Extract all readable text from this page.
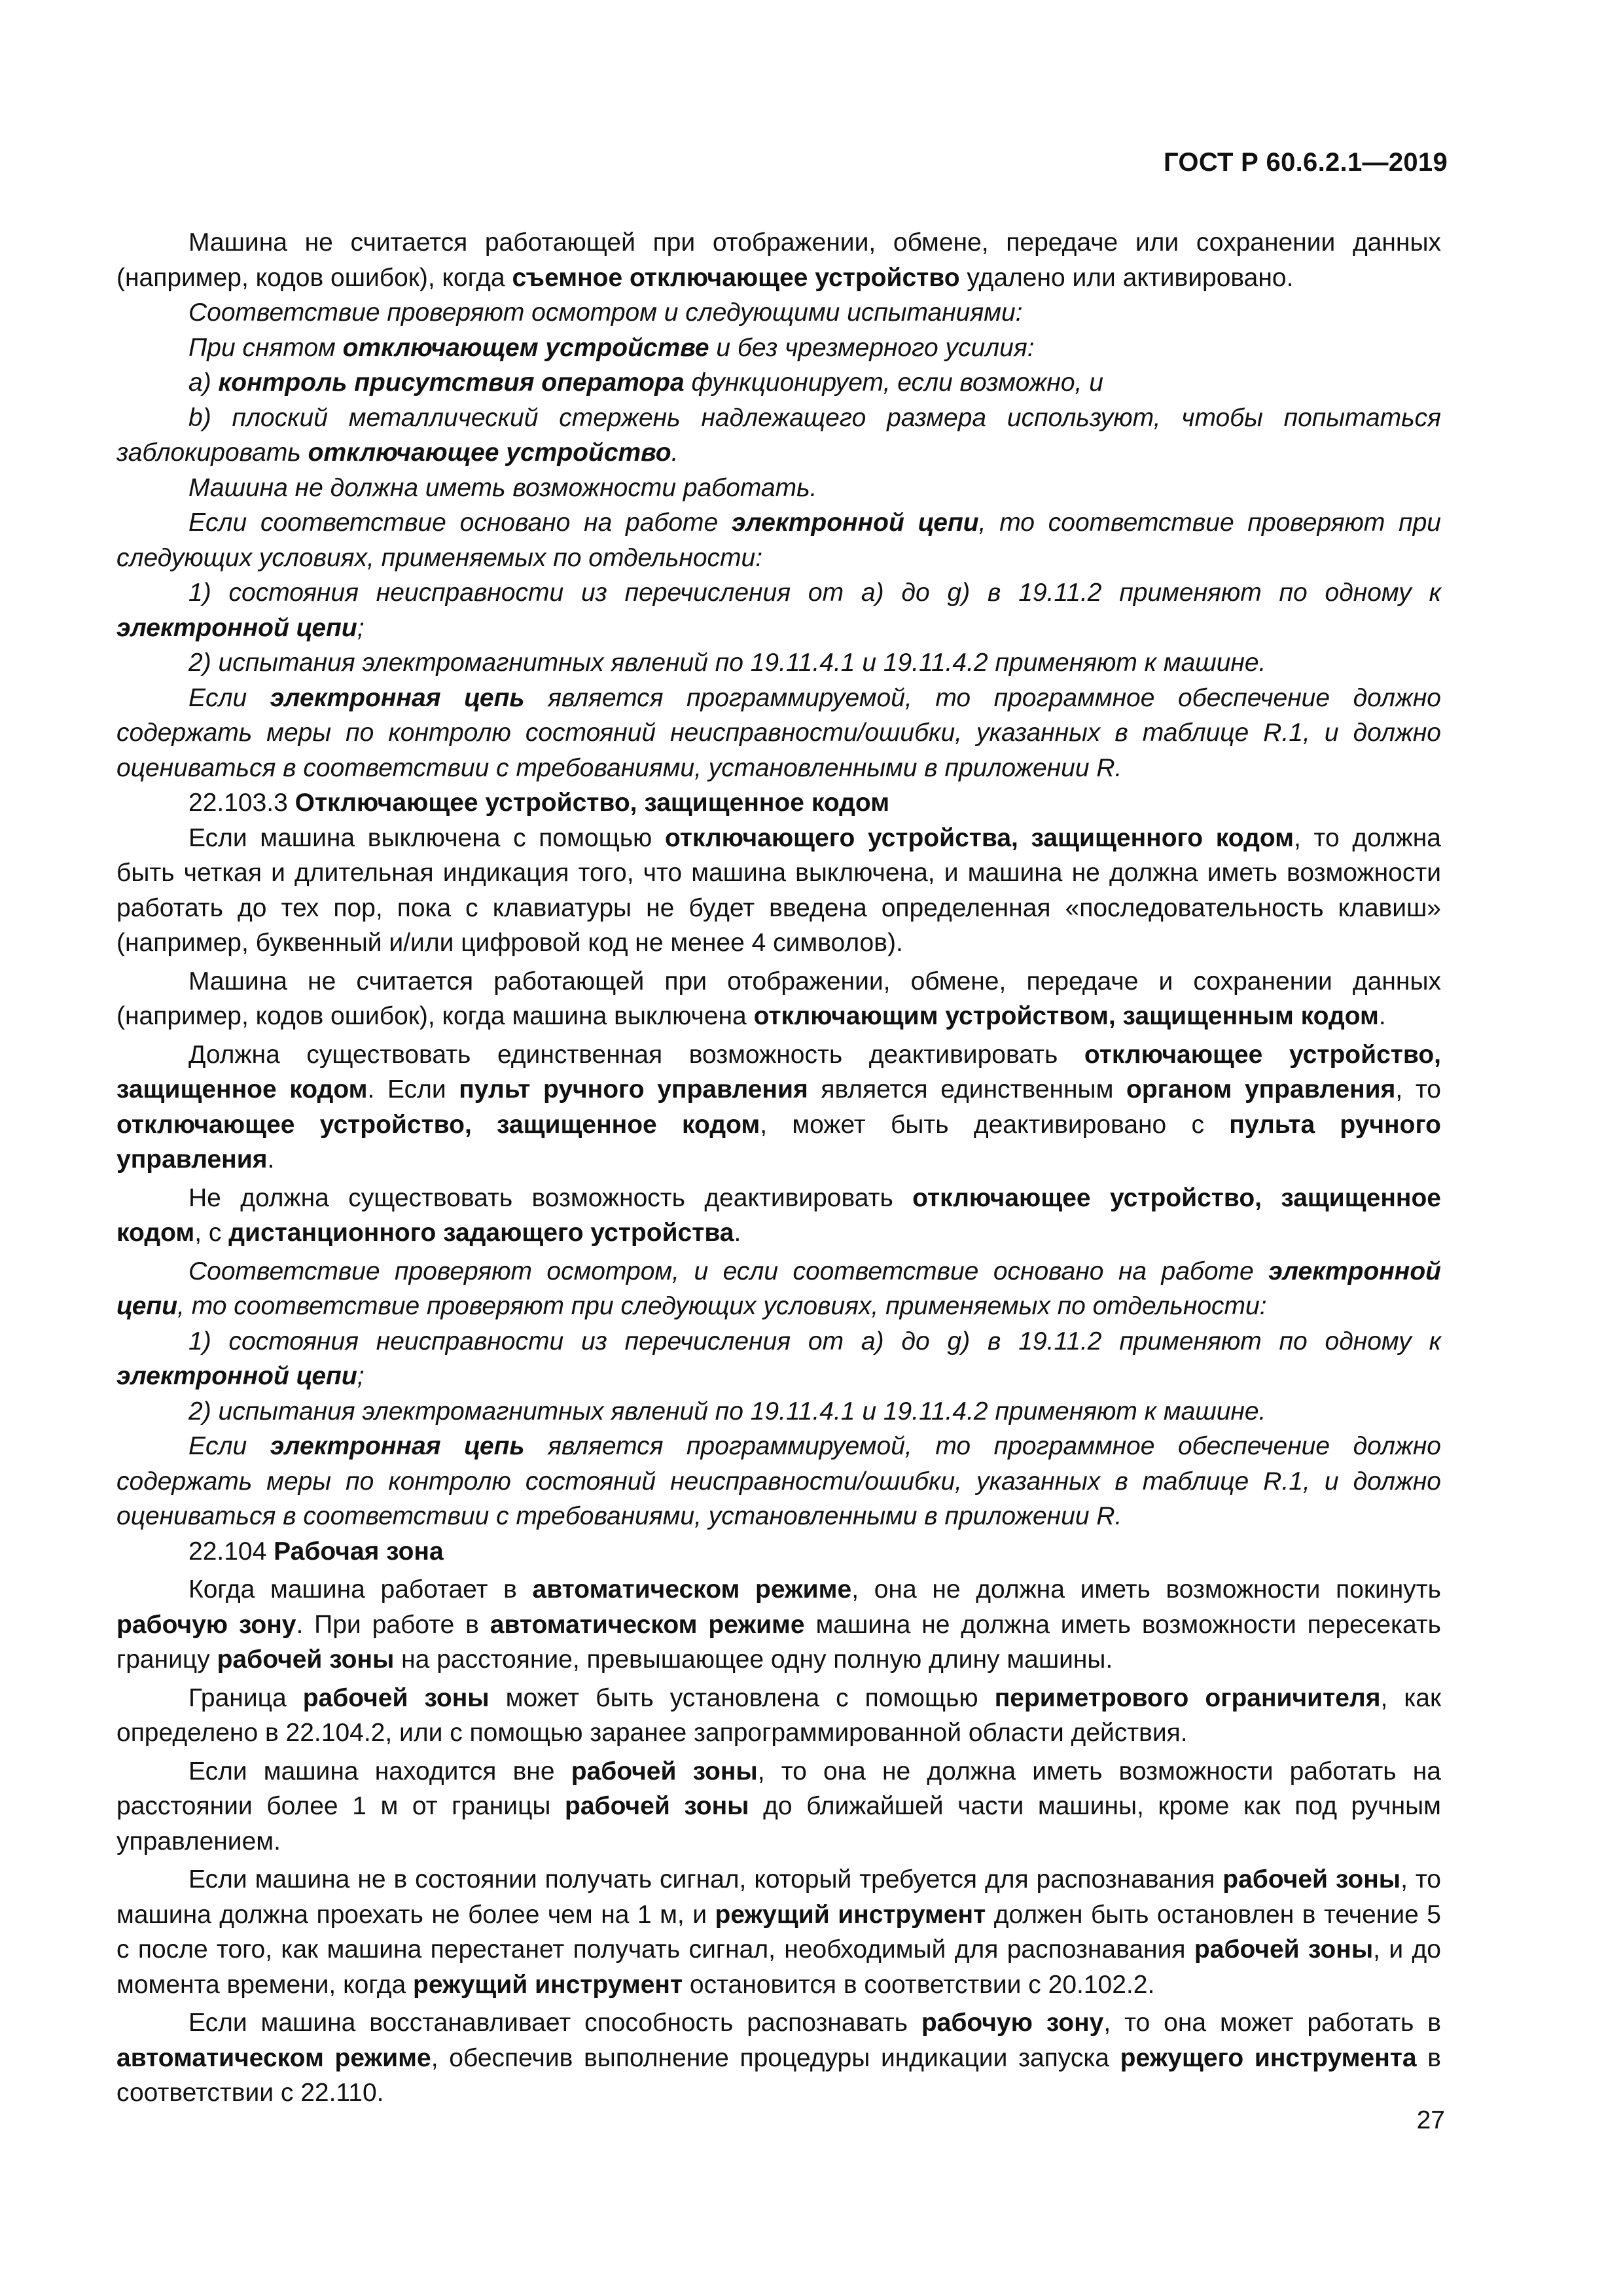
ГОСТ Р 60.6.2.1—2019

Машина не считается работающей при отображении, обмене, передаче или сохранении данных (например, кодов ошибок), когда съемное отключающее устройство удалено или активировано.

Соответствие проверяют осмотром и следующими испытаниями:

При снятом отключающем устройстве и без чрезмерного усилия:

a) контроль присутствия оператора функционирует, если возможно, и

b) плоский металлический стержень надлежащего размера используют, чтобы попытаться заблокировать отключающее устройство.

Машина не должна иметь возможности работать.

Если соответствие основано на работе электронной цепи, то соответствие проверяют при следующих условиях, применяемых по отдельности:

1) состояния неисправности из перечисления от a) до g) в 19.11.2 применяют по одному к электронной цепи;

2) испытания электромагнитных явлений по 19.11.4.1 и 19.11.4.2 применяют к машине.

Если электронная цепь является программируемой, то программное обеспечение должно содержать меры по контролю состояний неисправности/ошибки, указанных в таблице R.1, и должно оцениваться в соответствии с требованиями, установленными в приложении R.

22.103.3 Отключающее устройство, защищенное кодом

Если машина выключена с помощью отключающего устройства, защищенного кодом, то должна быть четкая и длительная индикация того, что машина выключена, и машина не должна иметь возможности работать до тех пор, пока с клавиатуры не будет введена определенная «последовательность клавиш» (например, буквенный и/или цифровой код не менее 4 символов).

Машина не считается работающей при отображении, обмене, передаче и сохранении данных (например, кодов ошибок), когда машина выключена отключающим устройством, защищенным кодом.

Должна существовать единственная возможность деактивировать отключающее устройство, защищенное кодом. Если пульт ручного управления является единственным органом управления, то отключающее устройство, защищенное кодом, может быть деактивировано с пульта ручного управления.

Не должна существовать возможность деактивировать отключающее устройство, защищенное кодом, с дистанционного задающего устройства.

Соответствие проверяют осмотром, и если соответствие основано на работе электронной цепи, то соответствие проверяют при следующих условиях, применяемых по отдельности:

1) состояния неисправности из перечисления от a) до g) в 19.11.2 применяют по одному к электронной цепи;

2) испытания электромагнитных явлений по 19.11.4.1 и 19.11.4.2 применяют к машине.

Если электронная цепь является программируемой, то программное обеспечение должно содержать меры по контролю состояний неисправности/ошибки, указанных в таблице R.1, и должно оцениваться в соответствии с требованиями, установленными в приложении R.

22.104 Рабочая зона

Когда машина работает в автоматическом режиме, она не должна иметь возможности покинуть рабочую зону. При работе в автоматическом режиме машина не должна иметь возможности пересекать границу рабочей зоны на расстояние, превышающее одну полную длину машины.

Граница рабочей зоны может быть установлена с помощью периметрового ограничителя, как определено в 22.104.2, или с помощью заранее запрограммированной области действия.

Если машина находится вне рабочей зоны, то она не должна иметь возможности работать на расстоянии более 1 м от границы рабочей зоны до ближайшей части машины, кроме как под ручным управлением.

Если машина не в состоянии получать сигнал, который требуется для распознавания рабочей зоны, то машина должна проехать не более чем на 1 м, и режущий инструмент должен быть остановлен в течение 5 с после того, как машина перестанет получать сигнал, необходимый для распознавания рабочей зоны, и до момента времени, когда режущий инструмент остановится в соответствии с 20.102.2.

Если машина восстанавливает способность распознавать рабочую зону, то она может работать в автоматическом режиме, обеспечив выполнение процедуры индикации запуска режущего инструмента в соответствии с 22.110.

27
